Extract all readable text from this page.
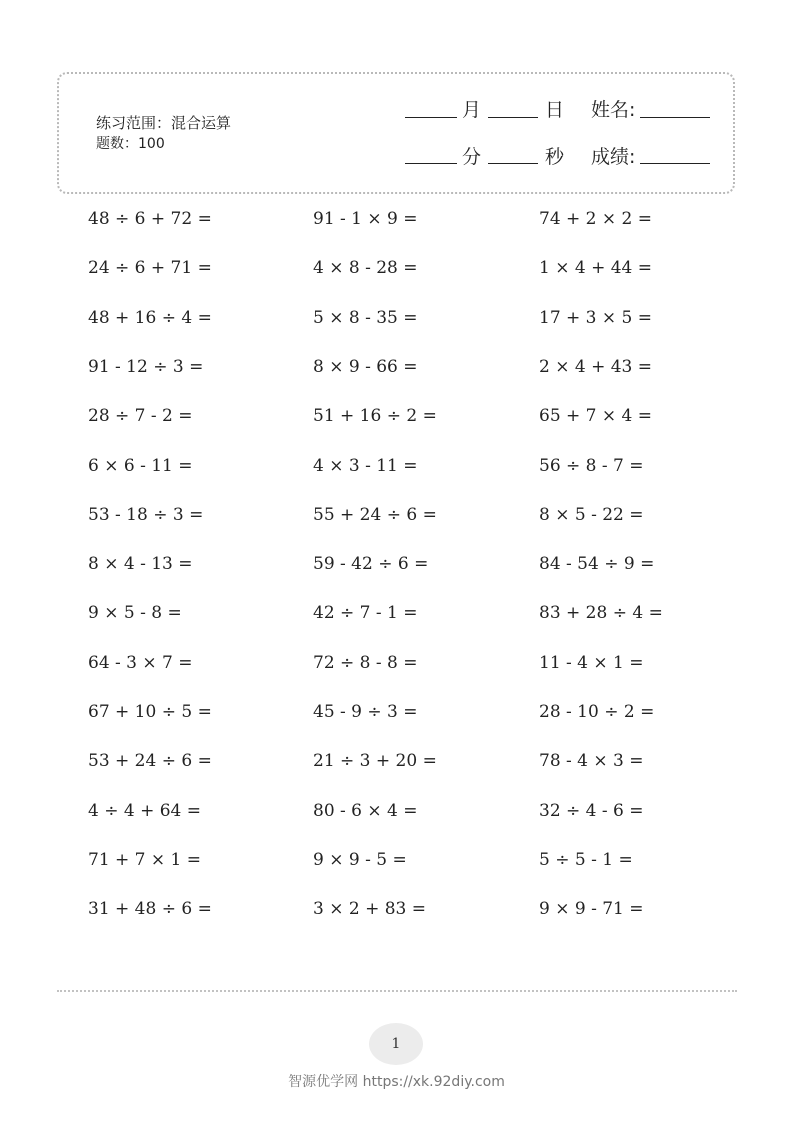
练习范围：混合运算
题数：100
月	日 姓名:
分	秒 成绩:
48 ÷ 6 + 72 =	91 - 1 × 9 =	74 + 2 × 2 =
24 ÷ 6 + 71 =	4 × 8 - 28 =	1 × 4 + 44 =
48 + 16 ÷ 4 =	5 × 8 - 35 =	17 + 3 × 5 =
91 - 12 ÷ 3 =	8 × 9 - 66 =	2 × 4 + 43 =
28 ÷ 7 - 2 =	51 + 16 ÷ 2 =	65 + 7 × 4 =
6 × 6 - 11 =	4 × 3 - 11 =	56 ÷ 8 - 7 =
53 - 18 ÷ 3 =	55 + 24 ÷ 6 =	8 × 5 - 22 =
8 × 4 - 13 =	59 - 42 ÷ 6 =	84 - 54 ÷ 9 =
9 × 5 - 8 =	42 ÷ 7 - 1 =	83 + 28 ÷ 4 =
64 - 3 × 7 =	72 ÷ 8 - 8 =	11 - 4 × 1 =
67 + 10 ÷ 5 =	45 - 9 ÷ 3 =	28 - 10 ÷ 2 =
53 + 24 ÷ 6 =	21 ÷ 3 + 20 =	78 - 4 × 3 =
4 ÷ 4 + 64 =	80 - 6 × 4 =	32 ÷ 4 - 6 =
71 + 7 × 1 =	9 × 9 - 5 =	5 ÷ 5 - 1 =
31 + 48 ÷ 6 =	3 × 2 + 83 =	9 × 9 - 71 =
1
智源优学网 https://xk.92diy.com
